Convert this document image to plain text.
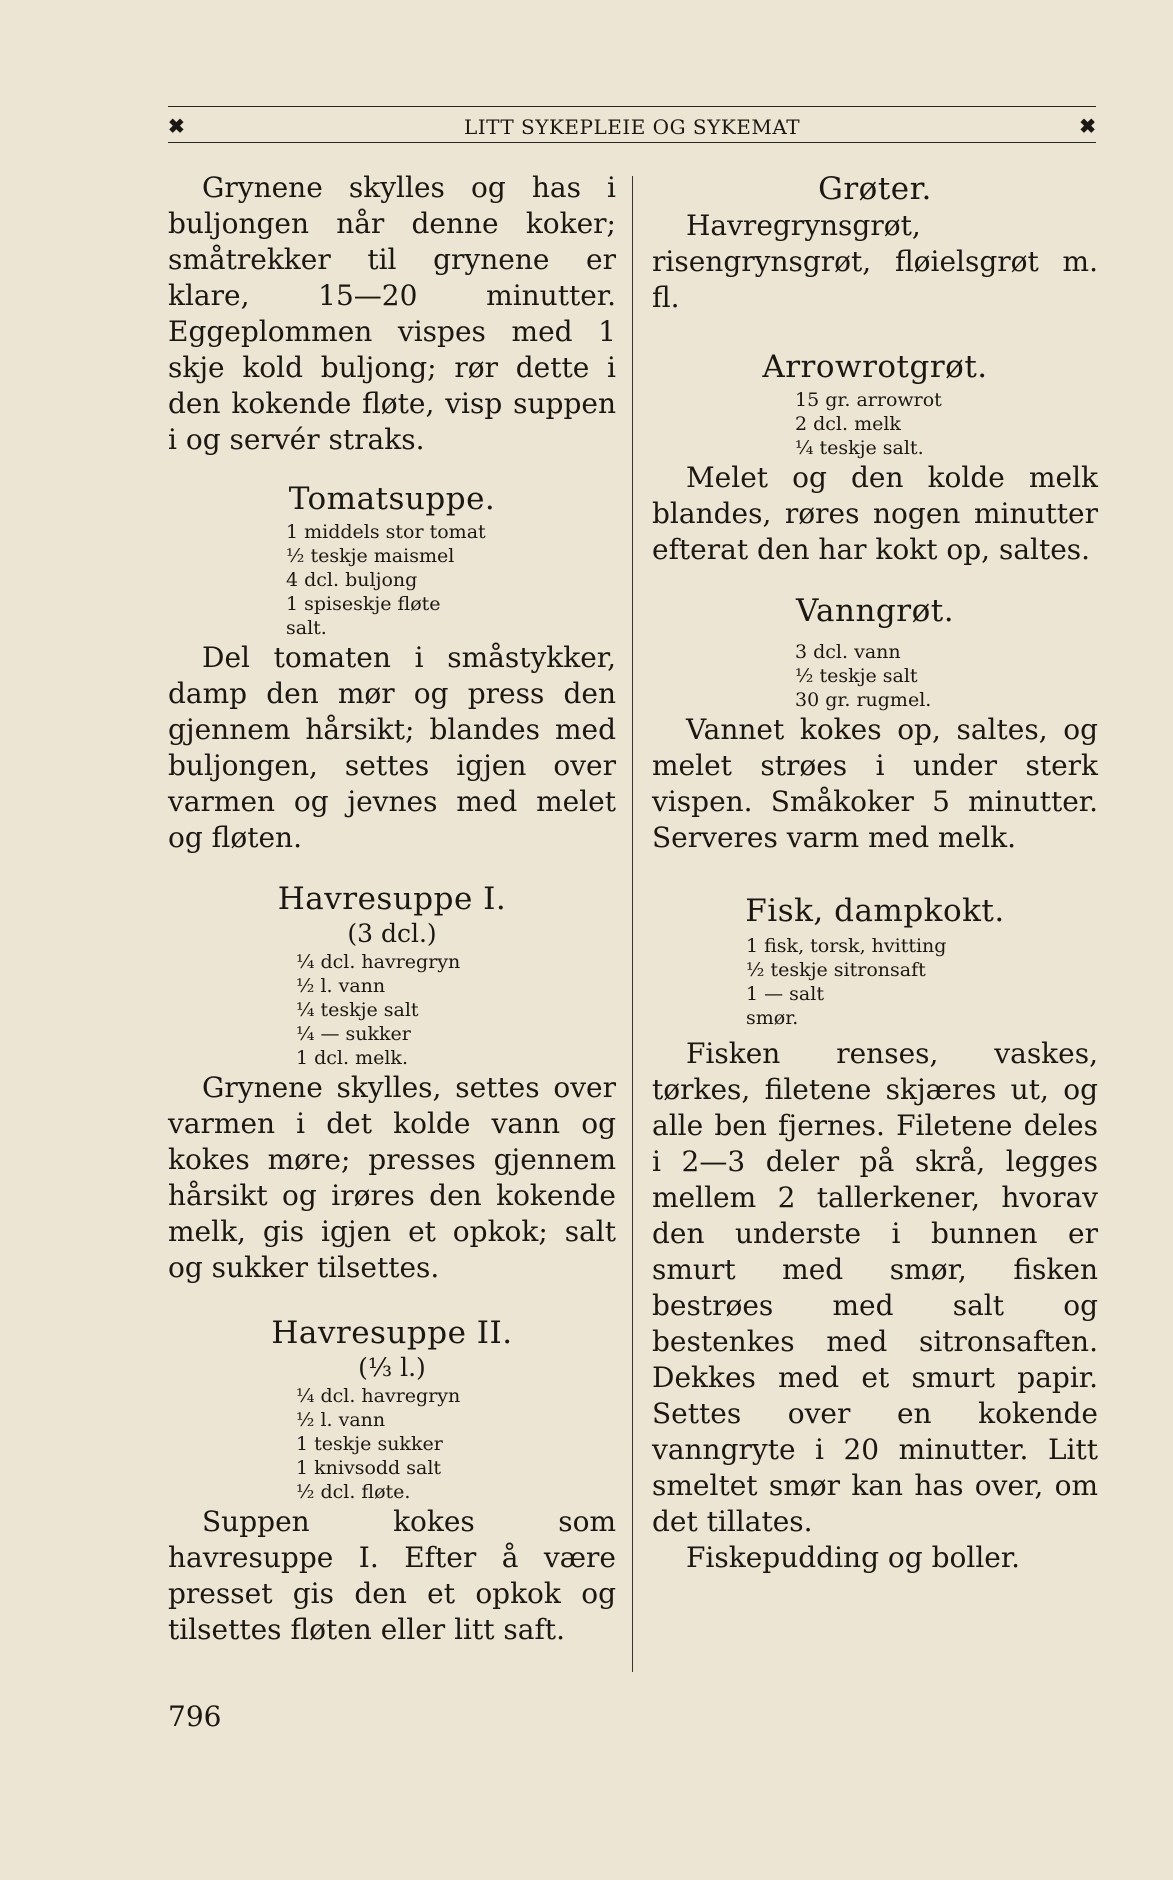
✖	LITT SYKEPLEIE OG SYKEMAT	✖

Grynene skylles og has i buljongen når denne koker; småtrekker til grynene er klare, 15—20 minutter. Eggeplommen vispes med 1 skje kold buljong; rør dette i den kokende fløte, visp suppen i og servér straks.

Tomatsuppe.
1 middels stor tomat
½ teskje maismel
4 dcl. buljong
1 spiseskje fløte
salt.

Del tomaten i småstykker, damp den mør og press den gjennem hårsikt; blandes med buljongen, settes igjen over varmen og jevnes med melet og fløten.

Havresuppe I.
(3 dcl.)
¼ dcl. havregryn
½ l. vann
¼ teskje salt
¼ — sukker
1 dcl. melk.

Grynene skylles, settes over varmen i det kolde vann og kokes møre; presses gjennem hårsikt og irøres den kokende melk, gis igjen et opkok; salt og sukker tilsettes.

Havresuppe II.
(⅓ l.)
¼ dcl. havregryn
½ l. vann
1 teskje sukker
1 knivsodd salt
½ dcl. fløte.

Suppen kokes som havresuppe I. Efter å være presset gis den et opkok og tilsettes fløten eller litt saft.

Grøter.

Havregrynsgrøt, risengrynsgrøt, fløielsgrøt m. fl.

Arrowrotgrøt.
15 gr. arrowrot
2 dcl. melk
¼ teskje salt.

Melet og den kolde melk blandes, røres nogen minutter efterat den har kokt op, saltes.

Vanngrøt.
3 dcl. vann
½ teskje salt
30 gr. rugmel.

Vannet kokes op, saltes, og melet strøes i under sterk vispen. Småkoker 5 minutter. Serveres varm med melk.

Fisk, dampkokt.
1 fisk, torsk, hvitting
½ teskje sitronsaft
1 — salt
smør.

Fisken renses, vaskes, tørkes, filetene skjæres ut, og alle ben fjernes. Filetene deles i 2—3 deler på skrå, legges mellem 2 tallerkener, hvorav den underste i bunnen er smurt med smør, fisken bestrøes med salt og bestenkes med sitronsaften. Dekkes med et smurt papir. Settes over en kokende vanngryte i 20 minutter. Litt smeltet smør kan has over, om det tillates.

Fiskepudding og boller.

796
